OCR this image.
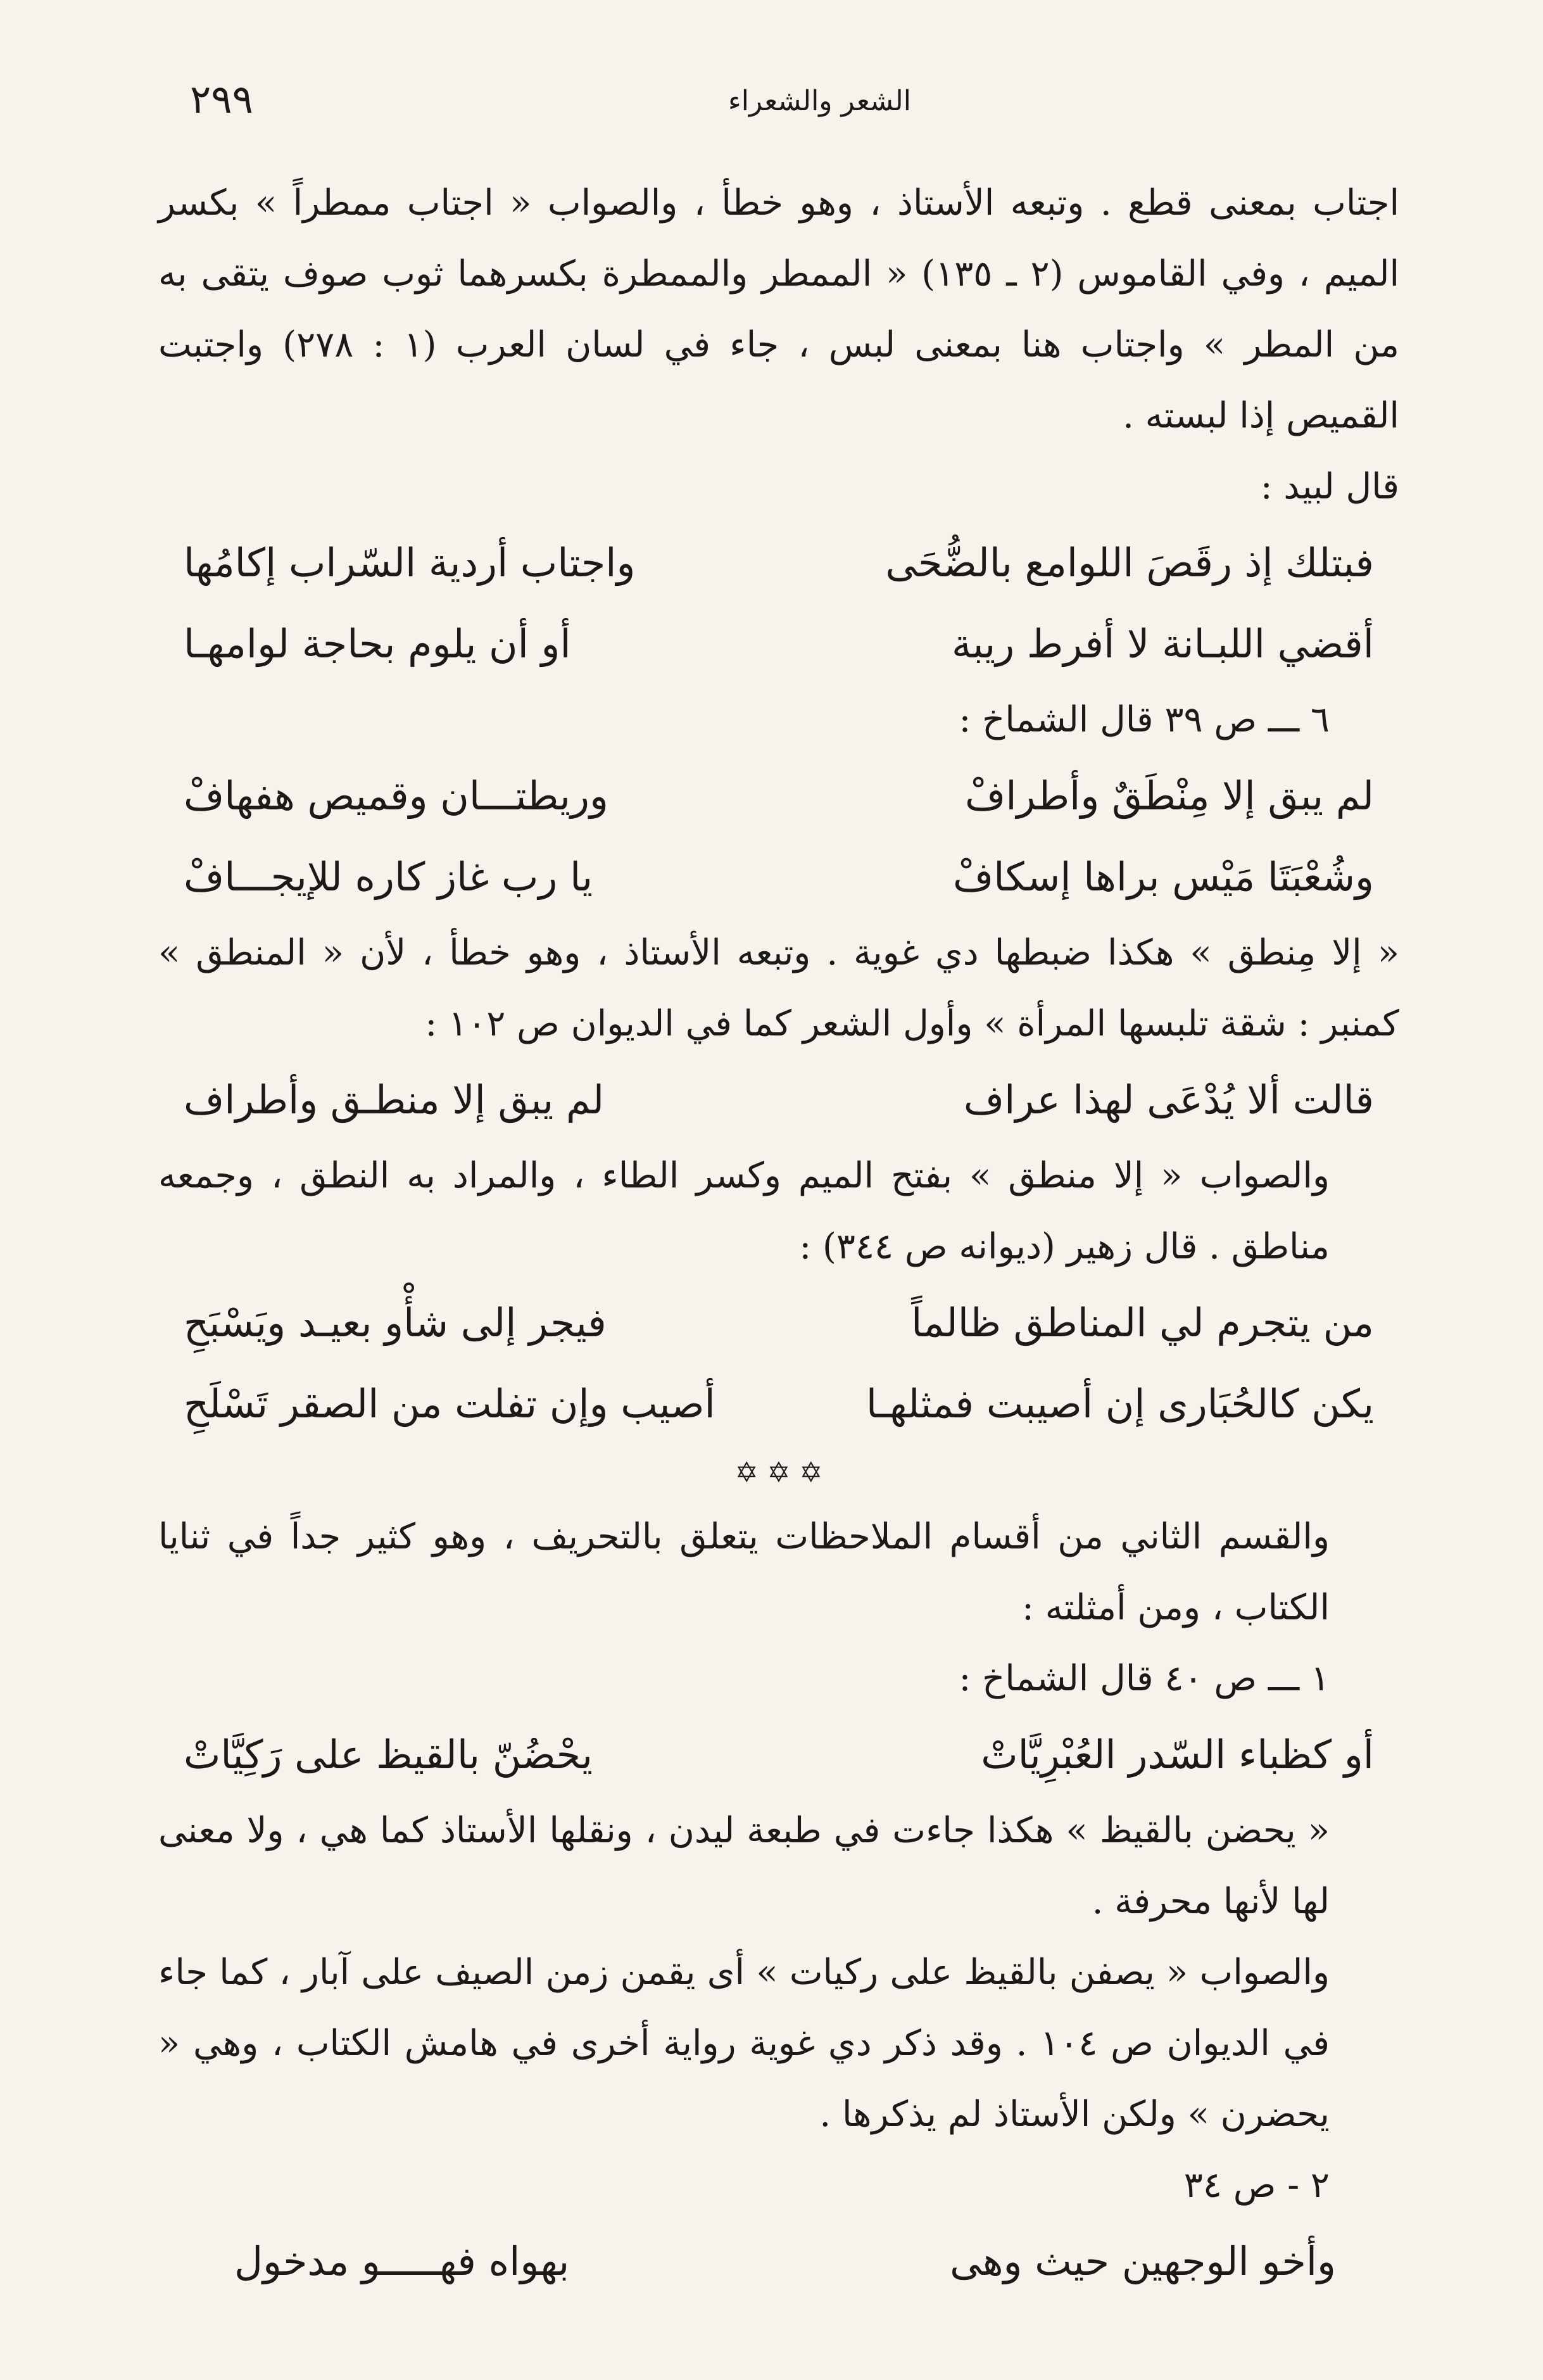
الشعر والشعراء
٢٩٩

اجتاب بمعنى قطع . وتبعه الأستاذ ، وهو خطأ ، والصواب « اجتاب ممطراً » بكسر الميم ، وفي القاموس (٢ ـ ١٣٥) « الممطر والممطرة بكسرهما ثوب صوف يتقى به من المطر » واجتاب هنا بمعنى لبس ، جاء في لسان العرب (١ : ٢٧٨) واجتبت القميص إذا لبسته .

قال لبيد :

فبتلك إذ رقَصَ اللوامع بالضُّحَى
واجتاب أردية السّراب إكامُها
أقضي اللبـانة لا أفرط ريبة
أو أن يلوم بحاجة لوامهـا

٦ ـــ ص ٣٩ قال الشماخ :

لم يبق إلا مِنْطَقٌ وأطرافْ
وريطتـــان وقميص هفهافْ
وشُعْبَتَا مَيْس براها إسكافْ
يا رب غاز كاره للإيجـــافْ

« إلا مِنطق » هكذا ضبطها دي غوية . وتبعه الأستاذ ، وهو خطأ ، لأن « المنطق » كمنبر : شقة تلبسها المرأة » وأول الشعر كما في الديوان ص ١٠٢ :

قالت ألا يُدْعَى لهذا عراف
لم يبق إلا منطـق وأطراف

والصواب « إلا منطق » بفتح الميم وكسر الطاء ، والمراد به النطق ، وجمعه مناطق . قال زهير (ديوانه ص ٣٤٤) :

من يتجرم لي المناطق ظالماً
فيجر إلى شأْو بعيـد ويَسْبَحِ
يكن كالحُبَارى إن أصيبت فمثلهـا
أصيب وإن تفلت من الصقر تَسْلَحِ
✡ ✡ ✡

والقسم الثاني من أقسام الملاحظات يتعلق بالتحريف ، وهو كثير جداً في ثنايا الكتاب ، ومن أمثلته :

١ ـــ ص ٤٠ قال الشماخ :

أو كظباء السّدر العُبْرِيَّاتْ
يحْضُنّ بالقيظ على رَكِيَّاتْ

« يحضن بالقيظ » هكذا جاءت في طبعة ليدن ، ونقلها الأستاذ كما هي ، ولا معنى لها لأنها محرفة .

والصواب « يصفن بالقيظ على ركيات » أى يقمن زمن الصيف على آبار ، كما جاء في الديوان ص ١٠٤ . وقد ذكر دي غوية رواية أخرى في هامش الكتاب ، وهي « يحضرن » ولكن الأستاذ لم يذكرها .

٢ - ص ٣٤

وأخو الوجهين حيث وهى
بهواه فهـــــو مدخول
